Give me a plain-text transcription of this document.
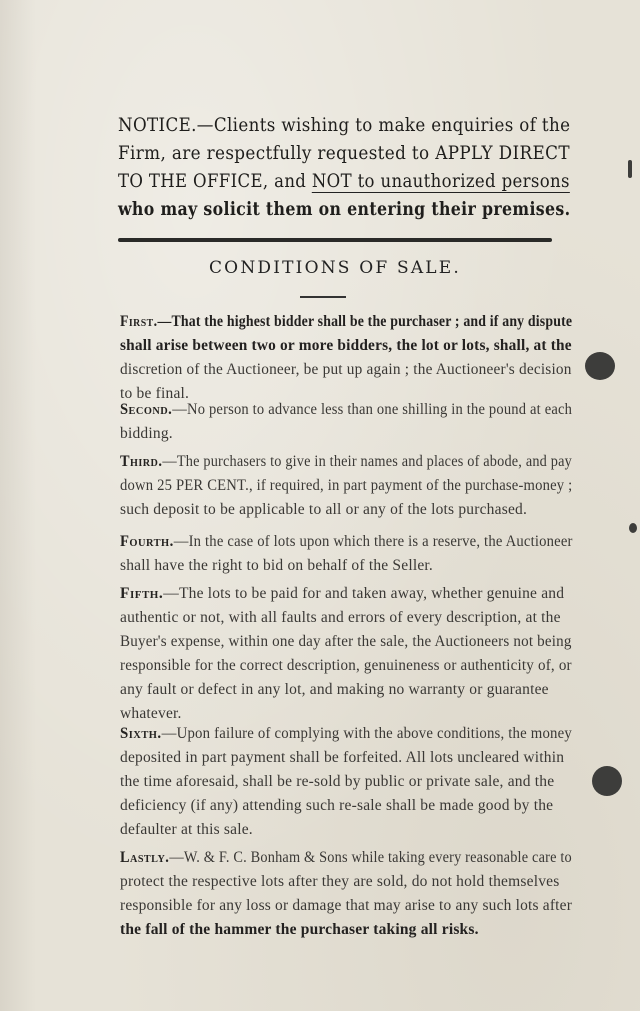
NOTICE.—Clients wishing to make enquiries of the
Firm, are respectfully requested to APPLY DIRECT
TO THE OFFICE, and NOT to unauthorized persons
who may solicit them on entering their premises.
CONDITIONS OF SALE.
First.—That the highest bidder shall be the purchaser ; and if any dispute
shall arise between two or more bidders, the lot or lots, shall, at the
discretion of the Auctioneer, be put up again ; the Auctioneer's decision
to be final.
Second.—No person to advance less than one shilling in the pound at each
bidding.
Third.—The purchasers to give in their names and places of abode, and pay
down 25 PER CENT., if required, in part payment of the purchase-money ;
such deposit to be applicable to all or any of the lots purchased.
Fourth.—In the case of lots upon which there is a reserve, the Auctioneer
shall have the right to bid on behalf of the Seller.
Fifth.—The lots to be paid for and taken away, whether genuine and
authentic or not, with all faults and errors of every description, at the
Buyer's expense, within one day after the sale, the Auctioneers not being
responsible for the correct description, genuineness or authenticity of, or
any fault or defect in any lot, and making no warranty or guarantee
whatever.
Sixth.—Upon failure of complying with the above conditions, the money
deposited in part payment shall be forfeited. All lots uncleared within
the time aforesaid, shall be re-sold by public or private sale, and the
deficiency (if any) attending such re-sale shall be made good by the
defaulter at this sale.
Lastly.—W. & F. C. Bonham & Sons while taking every reasonable care to
protect the respective lots after they are sold, do not hold themselves
responsible for any loss or damage that may arise to any such lots after
the fall of the hammer the purchaser taking all risks.
